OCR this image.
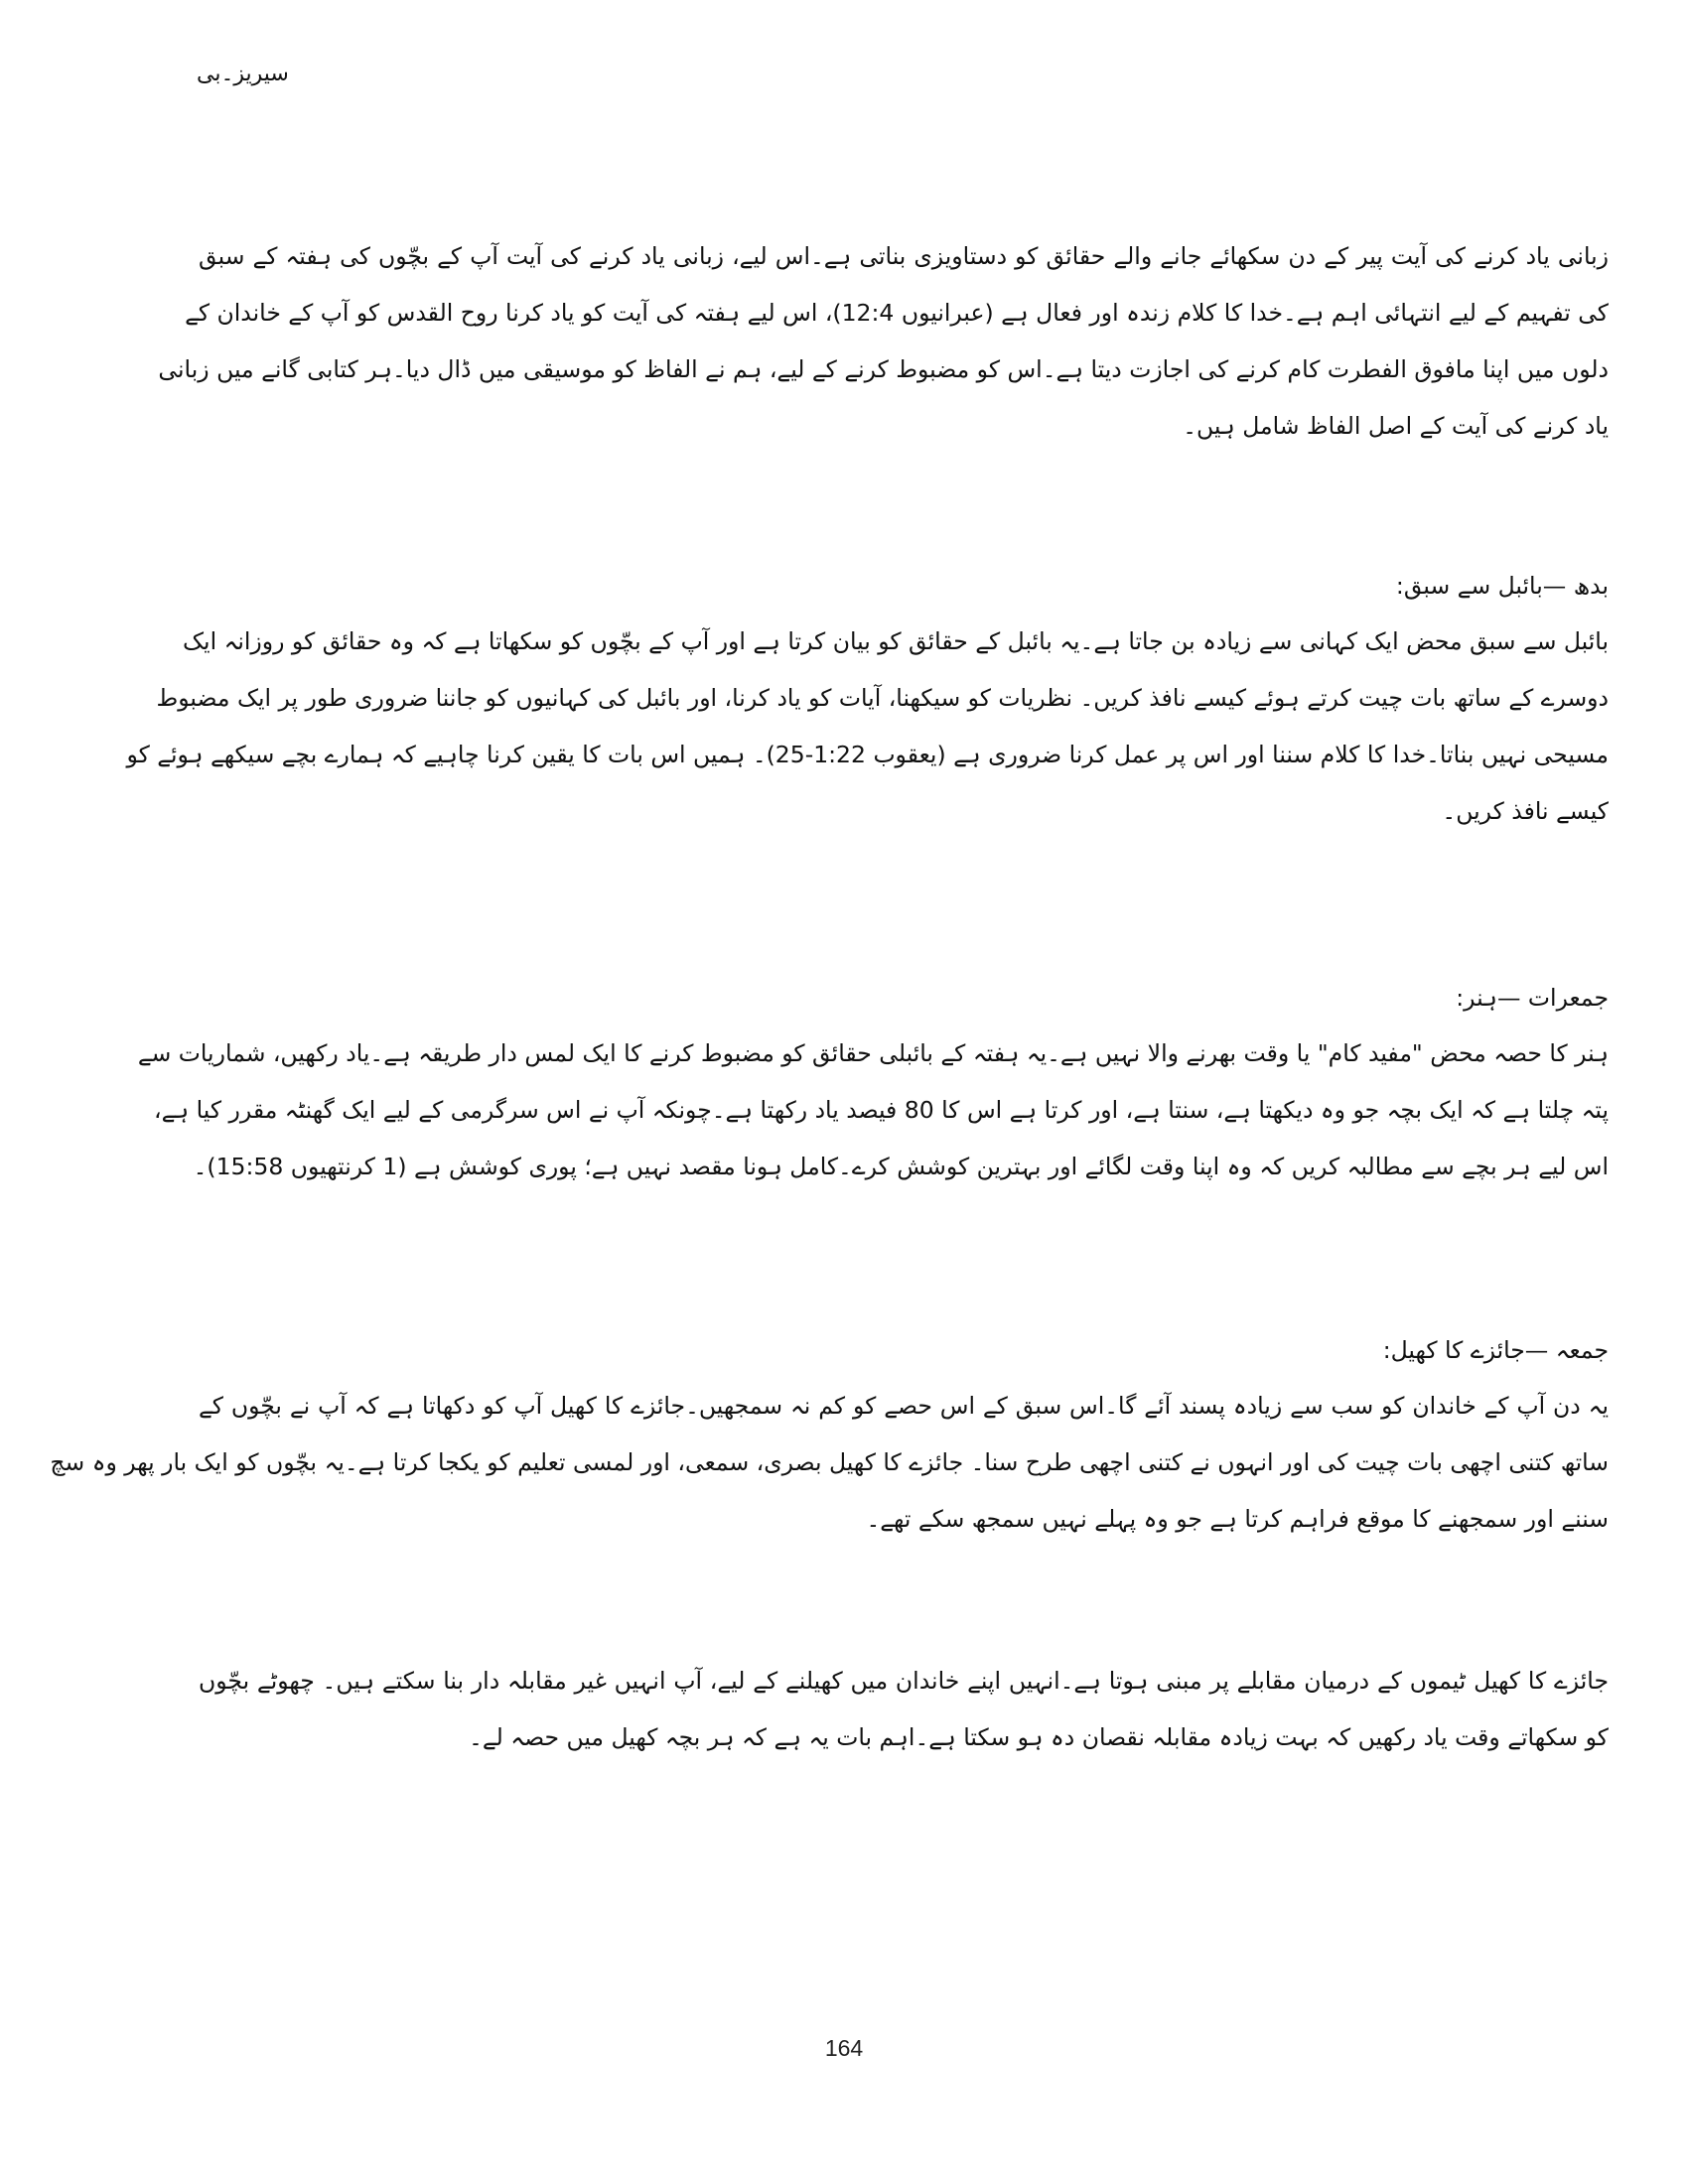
سیریز۔بی
زبانی یاد کرنے کی آیت پیر کے دن سکھائے جانے والے حقائق کو دستاویزی بناتی ہے۔اس لیے، زبانی یاد کرنے کی آیت آپ کے بچّوں کی ہفتہ کے سبق
کی تفہیم کے لیے انتہائی اہم ہے۔خدا کا کلام زندہ اور فعال ہے (عبرانیوں 12:4)، اس لیے ہفتہ کی آیت کو یاد کرنا روح القدس کو آپ کے خاندان کے
دلوں میں اپنا مافوق الفطرت کام کرنے کی اجازت دیتا ہے۔اس کو مضبوط کرنے کے لیے، ہم نے الفاظ کو موسیقی میں ڈال دیا۔ہر کتابی گانے میں زبانی
یاد کرنے کی آیت کے اصل الفاظ شامل ہیں۔
بدھ —بائبل سے سبق:
بائبل سے سبق محض ایک کہانی سے زیادہ بن جاتا ہے۔یہ بائبل کے حقائق کو بیان کرتا ہے اور آپ کے بچّوں کو سکھاتا ہے کہ وہ حقائق کو روزانہ ایک
دوسرے کے ساتھ بات چیت کرتے ہوئے کیسے نافذ کریں۔ نظریات کو سیکھنا، آیات کو یاد کرنا، اور بائبل کی کہانیوں کو جاننا ضروری طور پر ایک مضبوط
مسیحی نہیں بناتا۔خدا کا کلام سننا اور اس پر عمل کرنا ضروری ہے (یعقوب 1:22-25)۔ ہمیں اس بات کا یقین کرنا چاہیے کہ ہمارے بچے سیکھے ہوئے کو
کیسے نافذ کریں۔
جمعرات —ہنر:
ہنر کا حصہ محض "مفید کام" یا وقت بھرنے والا نہیں ہے۔یہ ہفتہ کے بائبلی حقائق کو مضبوط کرنے کا ایک لمس دار طریقہ ہے۔یاد رکھیں، شماریات سے
پتہ چلتا ہے کہ ایک بچہ جو وہ دیکھتا ہے، سنتا ہے، اور کرتا ہے اس کا 80 فیصد یاد رکھتا ہے۔چونکہ آپ نے اس سرگرمی کے لیے ایک گھنٹہ مقرر کیا ہے،
اس لیے ہر بچے سے مطالبہ کریں کہ وہ اپنا وقت لگائے اور بہترین کوشش کرے۔کامل ہونا مقصد نہیں ہے؛ پوری کوشش ہے (1 کرنتھیوں 15:58)۔
جمعہ —جائزے کا کھیل:
یہ دن آپ کے خاندان کو سب سے زیادہ پسند آئے گا۔اس سبق کے اس حصے کو کم نہ سمجھیں۔جائزے کا کھیل آپ کو دکھاتا ہے کہ آپ نے بچّوں کے
ساتھ کتنی اچھی بات چیت کی اور انہوں نے کتنی اچھی طرح سنا۔ جائزے کا کھیل بصری، سمعی، اور لمسی تعلیم کو یکجا کرتا ہے۔یہ بچّوں کو ایک بار پھر وہ سچ
سننے اور سمجھنے کا موقع فراہم کرتا ہے جو وہ پہلے نہیں سمجھ سکے تھے۔
جائزے کا کھیل ٹیموں کے درمیان مقابلے پر مبنی ہوتا ہے۔انہیں اپنے خاندان میں کھیلنے کے لیے، آپ انہیں غیر مقابلہ دار بنا سکتے ہیں۔ چھوٹے بچّوں
کو سکھاتے وقت یاد رکھیں کہ بہت زیادہ مقابلہ نقصان دہ ہو سکتا ہے۔اہم بات یہ ہے کہ ہر بچہ کھیل میں حصہ لے۔
164
